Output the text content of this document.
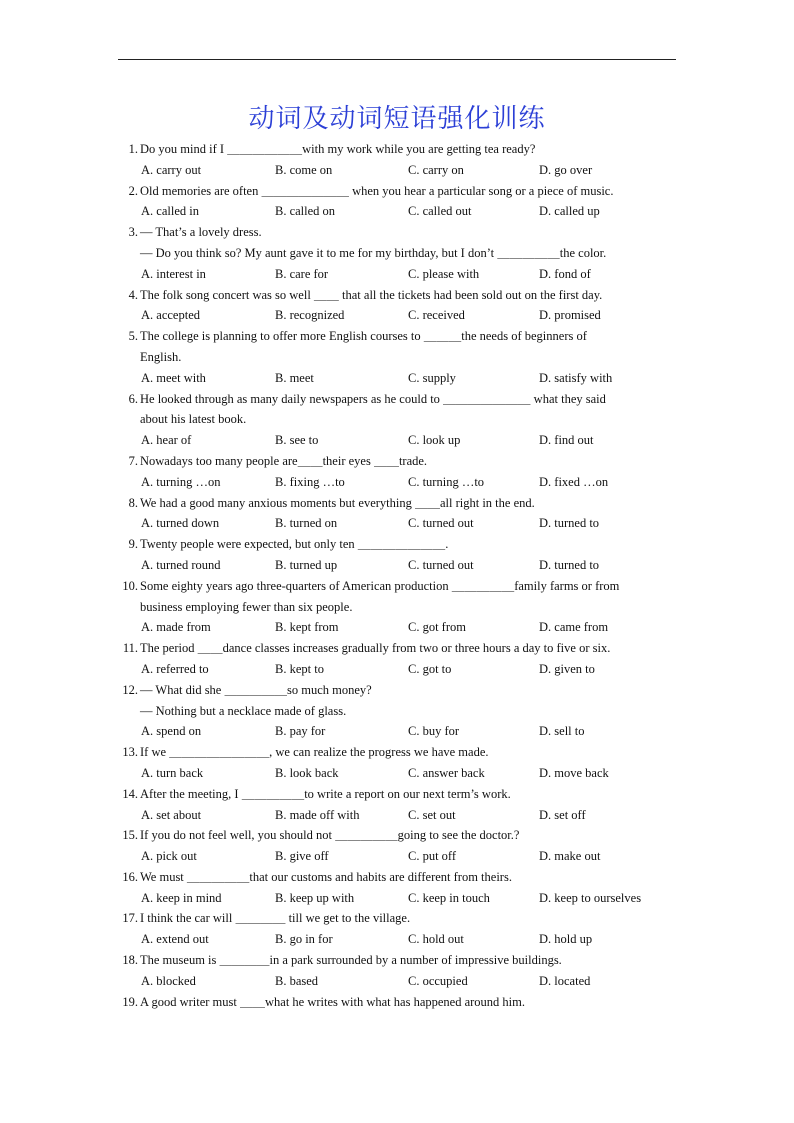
动词及动词短语强化训练
1. Do you mind if I ＿＿＿＿＿＿with my work while you are getting tea ready?
A. carry out	B. come on	C. carry on	D. go over
2. Old memories are often ＿＿＿＿＿＿＿ when you hear a particular song or a piece of music.
A. called in	B. called on	C. called out	D. called up
3. — That’s a lovely dress.
— Do you think so? My aunt gave it to me for my birthday, but I don’t ＿＿＿＿＿the color.
A. interest in	B. care for	C. please with	D. fond of
4. The folk song concert was so well ＿＿ that all the tickets had been sold out on the first day.
A. accepted	B. recognized	C. received	D. promised
5. The college is planning to offer more English courses to ＿＿＿the needs of beginners of
English.
A. meet with	B. meet	C. supply	D. satisfy with
6. He looked through as many daily newspapers as he could to ＿＿＿＿＿＿＿ what they said
about his latest book.
A. hear of	B. see to	C. look up	D. find out
7. Nowadays too many people are＿＿their eyes ＿＿trade.
A. turning …on	B. fixing …to	C. turning …to	D. fixed …on
8. We had a good many anxious moments but everything ＿＿all right in the end.
A. turned down	B. turned on	C. turned out	D. turned to
9. Twenty people were expected, but only ten ＿＿＿＿＿＿＿.
A. turned round	B. turned up	C. turned out	D. turned to
10. Some eighty years ago three-quarters of American production ＿＿＿＿＿family farms or from
business employing fewer than six people.
A. made from	B. kept from	C. got from	D. came from
11. The period ＿＿dance classes increases gradually from two or three hours a day to five or six.
A. referred to	B. kept to	C. got to	D. given to
12. — What did she ＿＿＿＿＿so much money?
— Nothing but a necklace made of glass.
A. spend on	B. pay for	C. buy for	D. sell to
13. If we ＿＿＿＿＿＿＿＿, we can realize the progress we have made.
A. turn back	B. look back	C. answer back	D. move back
14. After the meeting, I ＿＿＿＿＿to write a report on our next term’s work.
A. set about	B. made off with	C. set out	D. set off
15. If you do not feel well, you should not ＿＿＿＿＿going to see the doctor.?
A. pick out	B. give off	C. put off	D. make out
16. We must ＿＿＿＿＿that our customs and habits are different from theirs.
A. keep in mind	B. keep up with	C. keep in touch	D. keep to ourselves
17. I think the car will ＿＿＿＿ till we get to the village.
A. extend out	B. go in for	C. hold out	D. hold up
18. The museum is ＿＿＿＿in a park surrounded by a number of impressive buildings.
A. blocked	B. based	C. occupied	D. located
19. A good writer must ＿＿what he writes with what has happened around him.
